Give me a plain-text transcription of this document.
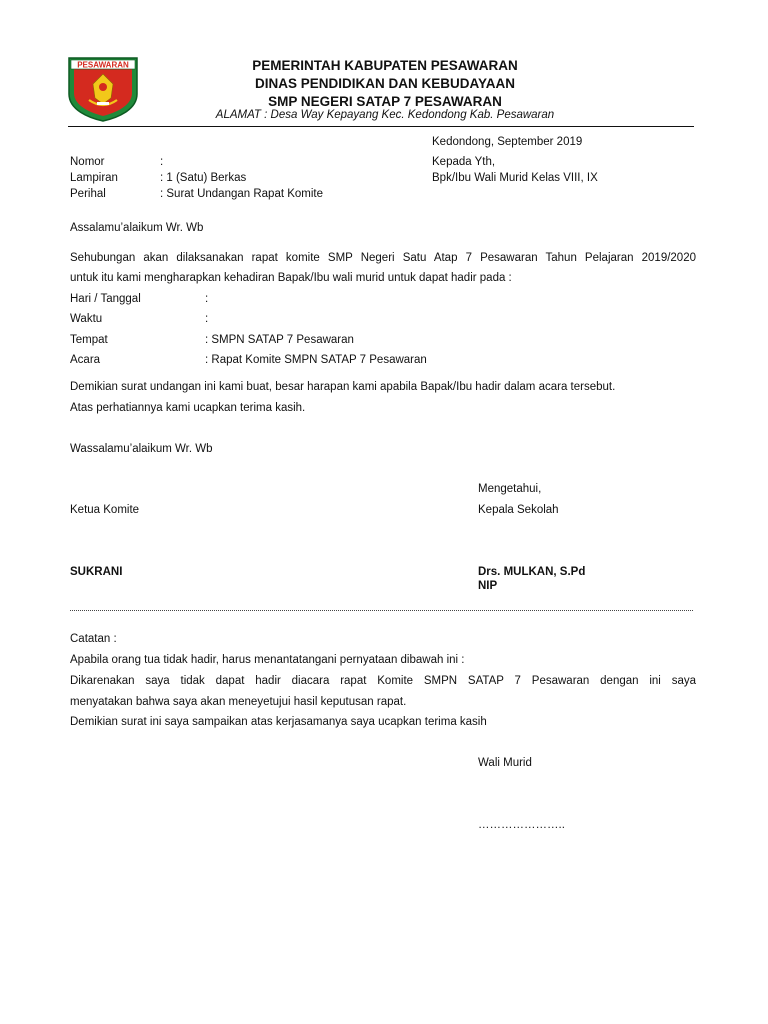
PESAWARAN	PEMERINTAH KABUPATEN PESAWARAN
DINAS PENDIDIKAN DAN KEBUDAYAAN
SMP NEGERI SATAP 7 PESAWARAN
ALAMAT : Desa Way Kepayang Kec. Kedondong Kab. Pesawaran
Kedondong, September 2019
Nomor	:
Lampiran	: 1 (Satu) Berkas
Perihal	: Surat Undangan Rapat Komite
Kepada Yth,
Bpk/Ibu Wali Murid Kelas VIII, IX
Assalamu’alaikum Wr. Wb
Sehubungan akan dilaksanakan rapat komite SMP Negeri Satu Atap 7 Pesawaran Tahun Pelajaran 2019/2020
untuk itu kami mengharapkan kehadiran Bapak/Ibu wali murid untuk dapat hadir pada :
Hari / Tanggal	:
Waktu	:
Tempat	: SMPN SATAP 7 Pesawaran
Acara	: Rapat Komite SMPN SATAP 7 Pesawaran
Demikian surat undangan ini kami buat, besar harapan kami apabila Bapak/Ibu hadir dalam acara tersebut.
Atas perhatiannya kami ucapkan terima kasih.
Wassalamu’alaikum Wr. Wb
Mengetahui,
Ketua Komite	Kepala Sekolah
SUKRANI	Drs. MULKAN, S.Pd
NIP
Catatan :
Apabila orang tua tidak hadir, harus menantatangani pernyataan dibawah ini :
Dikarenakan saya tidak dapat hadir diacara rapat Komite SMPN SATAP 7 Pesawaran dengan ini saya
menyatakan bahwa saya akan meneyetujui hasil keputusan rapat.
Demikian surat ini saya sampaikan atas kerjasamanya saya ucapkan terima kasih
Wali Murid
…………………..
